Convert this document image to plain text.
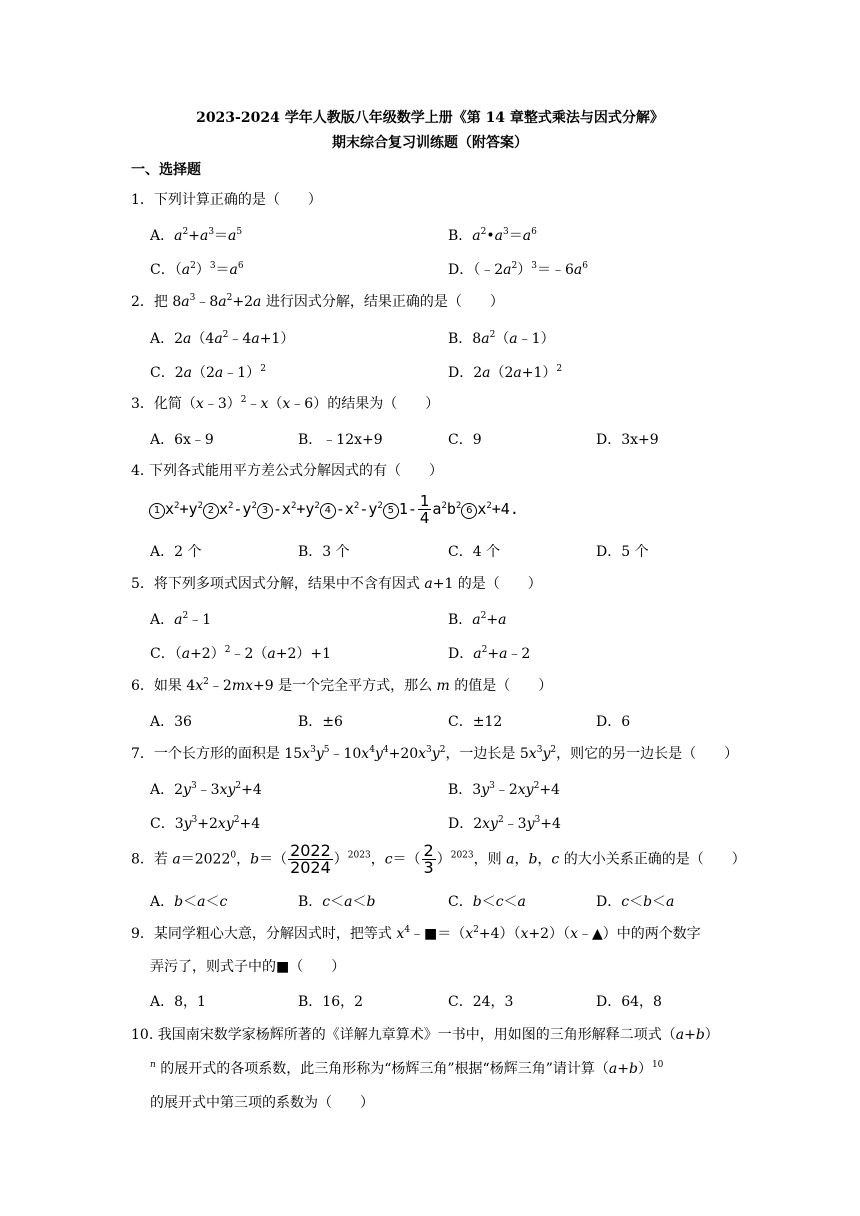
2023-2024 学年人教版八年级数学上册《第 14 章整式乘法与因式分解》
期末综合复习训练题（附答案）
一、选择题
1．下列计算正确的是（　　）
A．$a^2+a^3=a^5$	B．$a^2•a^3=a^6$
C．$(a^2)^3=a^6$	D．$(﹣2a^2)^3=﹣6a^6$
2．把 $8a^3﹣8a^2+2a$ 进行因式分解，结果正确的是（　　）
A．$2a(4a^2﹣4a+1)$	B．$8a^2(a﹣1)$
C．2a（2a﹣1）$^2$	D．$2a(2a+1)^2$
3．化简（x﹣3）$^2$﹣x（x﹣6）的结果为（　　）
A．6x﹣9	B．﹣12x+9	C．9	D．3x+9
下列各式能用平方差公式分解因式的有（　　）
4．
1 $x^2+y^2$ 2 $x^2-y^2$ 3 $-x^2+y^2$ 4 $-x^2-y^2$ 5 $1- \frac{1}{4} a^2b^2$ 6 $x^2+4$.
A．2 个	B．3 个	C．4 个	D．5 个
5．将下列多项式因式分解，结果中不含有因式 a+1 的是（　　）
A．$a^2﹣1$	B．$a^2+a$
C．$(a+2)^2﹣2(a+2)+1$	D．$a^2+a﹣2$
6．如果 $4x^2﹣2mx+9$ 是一个完全平方式，那么 m 的值是（　　）
A．36	B．±6	C．±12	D．6
7．一个长方形的面积是 $15x^3y^5﹣10x^4y^4+20x^3y^2$，一边长是 $5x^3y^2$，则它的另一边长是（　　）
A．$2y^3﹣3xy^2+4$	B．$3y^3﹣2xy^2+4$
C．$3y^3+2xy^2+4$	D．$2xy^2﹣3y^3+4$
8．若 $a=2022^0$，$b=( \frac{2022}{2024} )^{2023}$，$c=( \frac{2}{3} )^{2023}$，则 a，b，c 的大小关系正确的是（　　）
A．b＜a＜c	B．c＜a＜b	C．b＜c＜a	D．c＜b＜a
9．某同学粗心大意，分解因式时，把等式 $x^4﹣■=(x^2+4)(x+2)(x﹣▲)$中的两个数字
弄污了，则式子中的■（　　）
A．8，1	B．16，2	C．24，3	D．64，8
10. 我国南宋数学家杨辉所著的《详解九章算术》一书中，用如图的三角形解释二项式（a+b）
$^n$ 的展开式的各项系数，此三角形称为“杨辉三角”根据“杨辉三角”请计算$(a+b)^{10}$
的展开式中第三项的系数为（　　）
